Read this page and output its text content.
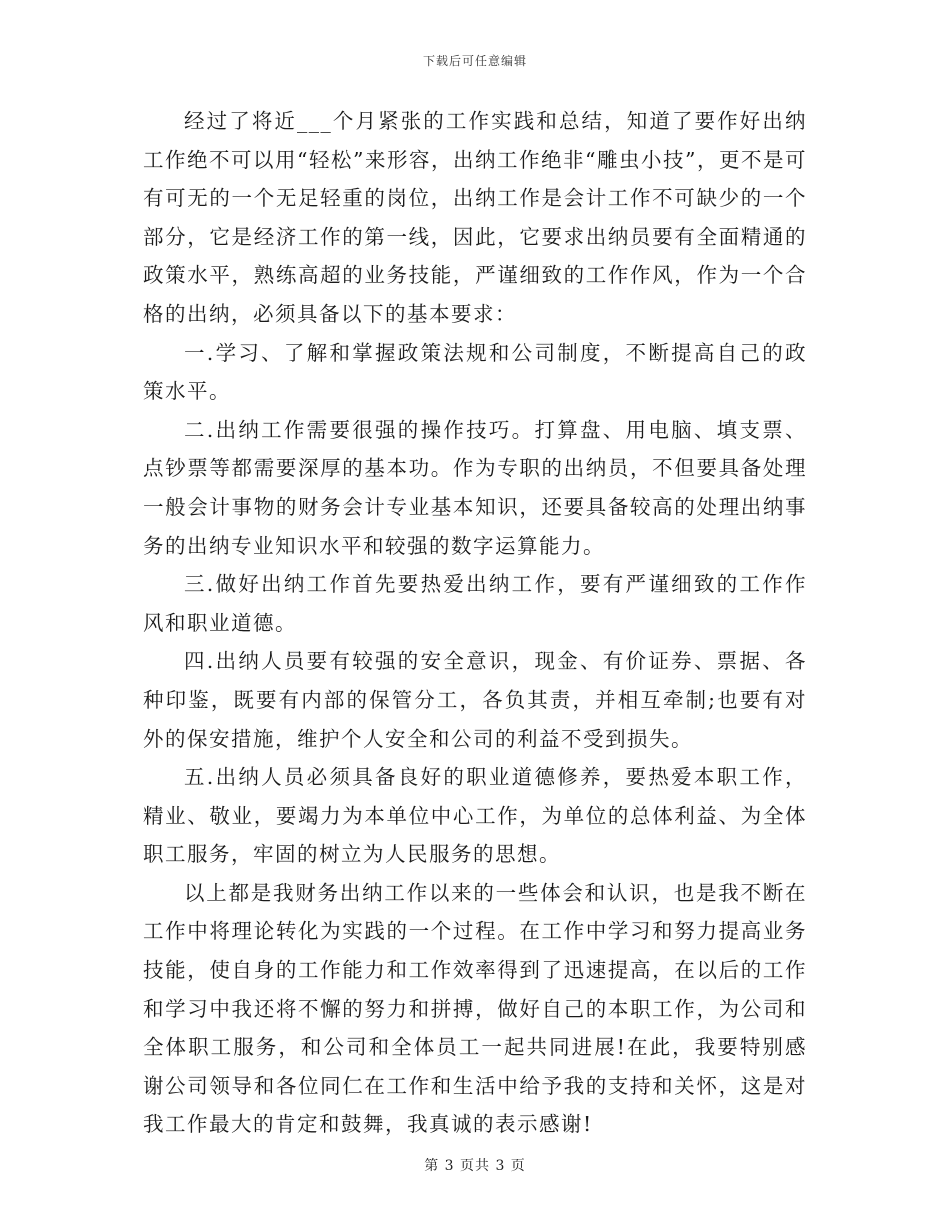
下载后可任意编辑

经过了将近___个月紧张的工作实践和总结，知道了要作好出纳工作绝不可以用“轻松”来形容，出纳工作绝非“雕虫小技”，更不是可有可无的一个无足轻重的岗位，出纳工作是会计工作不可缺少的一个部分，它是经济工作的第一线，因此，它要求出纳员要有全面精通的政策水平，熟练高超的业务技能，严谨细致的工作作风，作为一个合格的出纳，必须具备以下的基本要求：

一.学习、了解和掌握政策法规和公司制度，不断提高自己的政策水平。

二.出纳工作需要很强的操作技巧。打算盘、用电脑、填支票、点钞票等都需要深厚的基本功。作为专职的出纳员，不但要具备处理一般会计事物的财务会计专业基本知识，还要具备较高的处理出纳事务的出纳专业知识水平和较强的数字运算能力。

三.做好出纳工作首先要热爱出纳工作，要有严谨细致的工作作风和职业道德。

四.出纳人员要有较强的安全意识，现金、有价证券、票据、各种印鉴，既要有内部的保管分工，各负其责，并相互牵制;也要有对外的保安措施，维护个人安全和公司的利益不受到损失。

五.出纳人员必须具备良好的职业道德修养，要热爱本职工作，精业、敬业，要竭力为本单位中心工作，为单位的总体利益、为全体职工服务，牢固的树立为人民服务的思想。

以上都是我财务出纳工作以来的一些体会和认识，也是我不断在工作中将理论转化为实践的一个过程。在工作中学习和努力提高业务技能，使自身的工作能力和工作效率得到了迅速提高，在以后的工作和学习中我还将不懈的努力和拼搏，做好自己的本职工作，为公司和全体职工服务，和公司和全体员工一起共同进展!在此，我要特别感谢公司领导和各位同仁在工作和生活中给予我的支持和关怀，这是对我工作最大的肯定和鼓舞，我真诚的表示感谢!

第 3 页共 3 页
